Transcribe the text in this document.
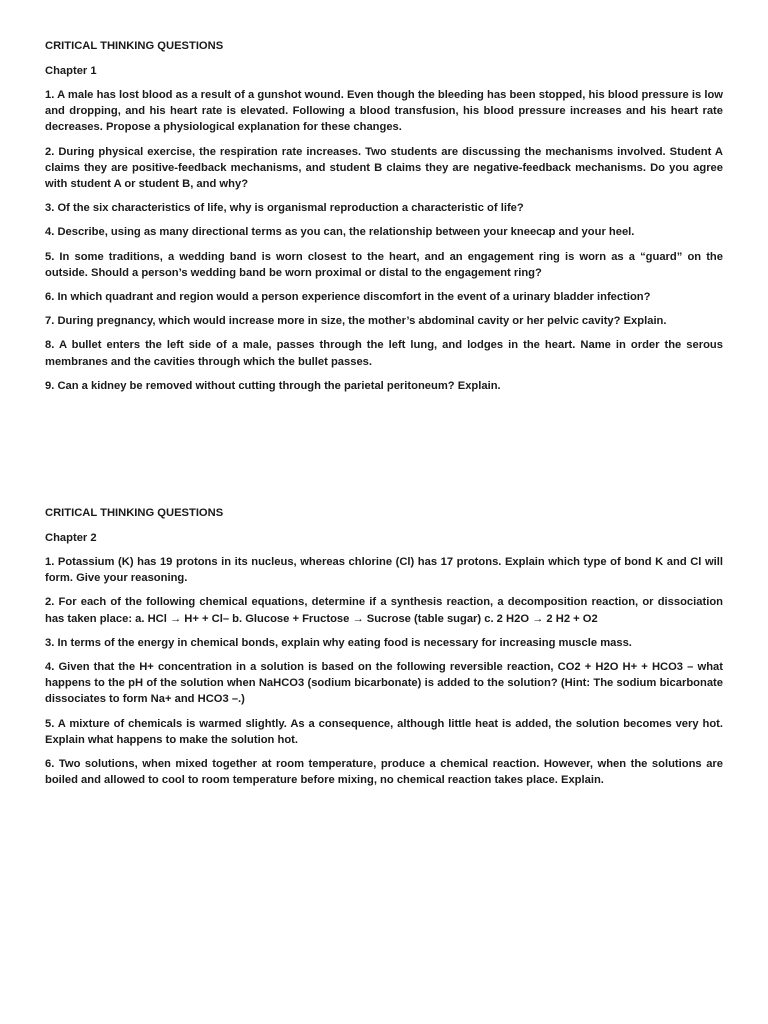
CRITICAL THINKING QUESTIONS

Chapter 1

1. A male has lost blood as a result of a gunshot wound. Even though the bleeding has been stopped, his blood pressure is low and dropping, and his heart rate is elevated. Following a blood transfusion, his blood pressure increases and his heart rate decreases. Propose a physiological explanation for these changes.

2. During physical exercise, the respiration rate increases. Two students are discussing the mechanisms involved. Student A claims they are positive-feedback mechanisms, and student B claims they are negative-feedback mechanisms. Do you agree with student A or student B, and why?

3. Of the six characteristics of life, why is organismal reproduction a characteristic of life?

4. Describe, using as many directional terms as you can, the relationship between your kneecap and your heel.

5. In some traditions, a wedding band is worn closest to the heart, and an engagement ring is worn as a “guard” on the outside. Should a person’s wedding band be worn proximal or distal to the engagement ring?

6. In which quadrant and region would a person experience discomfort in the event of a urinary bladder infection?

7. During pregnancy, which would increase more in size, the mother’s abdominal cavity or her pelvic cavity? Explain.

8. A bullet enters the left side of a male, passes through the left lung, and lodges in the heart. Name in order the serous membranes and the cavities through which the bullet passes.

9. Can a kidney be removed without cutting through the parietal peritoneum? Explain.

CRITICAL THINKING QUESTIONS

Chapter 2

1. Potassium (K) has 19 protons in its nucleus, whereas chlorine (Cl) has 17 protons. Explain which type of bond K and Cl will form. Give your reasoning.

2. For each of the following chemical equations, determine if a synthesis reaction, a decomposition reaction, or dissociation has taken place: a. HCl → H+ + Cl– b. Glucose + Fructose → Sucrose (table sugar) c. 2 H2O → 2 H2 + O2

3. In terms of the energy in chemical bonds, explain why eating food is necessary for increasing muscle mass.

4. Given that the H+ concentration in a solution is based on the following reversible reaction, CO2 + H2O H+ + HCO3 – what happens to the pH of the solution when NaHCO3 (sodium bicarbonate) is added to the solution? (Hint: The sodium bicarbonate dissociates to form Na+ and HCO3 –.)

5. A mixture of chemicals is warmed slightly. As a consequence, although little heat is added, the solution becomes very hot. Explain what happens to make the solution hot.

6. Two solutions, when mixed together at room temperature, produce a chemical reaction. However, when the solutions are boiled and allowed to cool to room temperature before mixing, no chemical reaction takes place. Explain.
